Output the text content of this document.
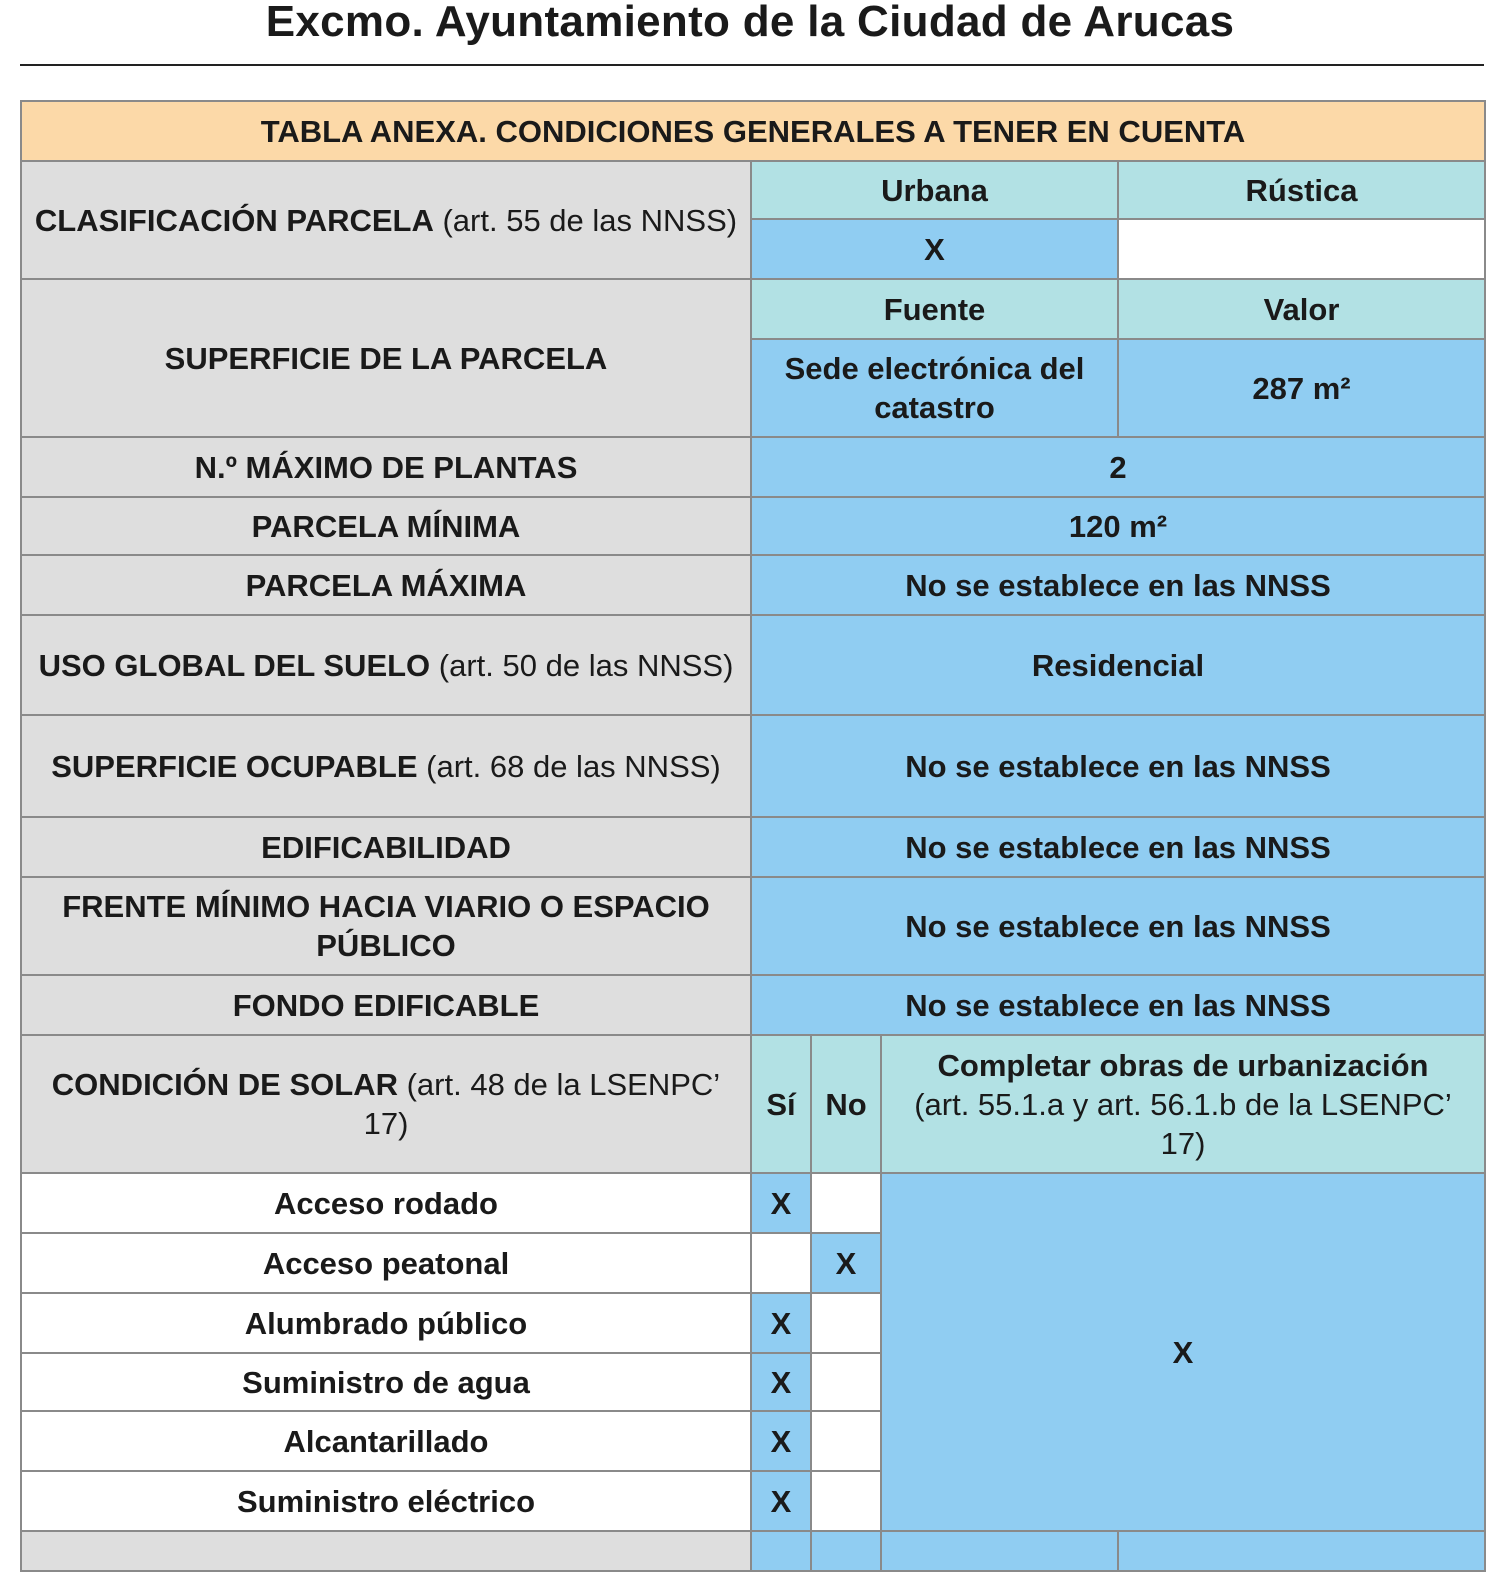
Excmo. Ayuntamiento de la Ciudad de Arucas
TABLA ANEXA. CONDICIONES GENERALES A TENER EN CUENTA				
CLASIFICACIÓN PARCELA (art. 55 de las NNSS)	Urbana			Rústica
	X			
SUPERFICIE DE LA PARCELA	Fuente			Valor
	Sede electrónica del catastro			287 m²
N.º MÁXIMO DE PLANTAS	2			
PARCELA MÍNIMA	120 m²			
PARCELA MÁXIMA	No se establece en las NNSS			
USO GLOBAL DEL SUELO (art. 50 de las NNSS)	Residencial			
SUPERFICIE OCUPABLE (art. 68 de las NNSS)	No se establece en las NNSS			
EDIFICABILIDAD	No se establece en las NNSS			
FRENTE MÍNIMO HACIA VIARIO O ESPACIO PÚBLICO	No se establece en las NNSS			
FONDO EDIFICABLE	No se establece en las NNSS			
CONDICIÓN DE SOLAR (art. 48 de la LSENPC’ 17)	Sí	No	Completar obras de urbanización
(art. 55.1.a y art. 56.1.b de la LSENPC’ 17)	
Acceso rodado	X		X	
Acceso peatonal		X		
Alumbrado público	X			
Suministro de agua	X			
Alcantarillado	X			
Suministro eléctrico	X			
